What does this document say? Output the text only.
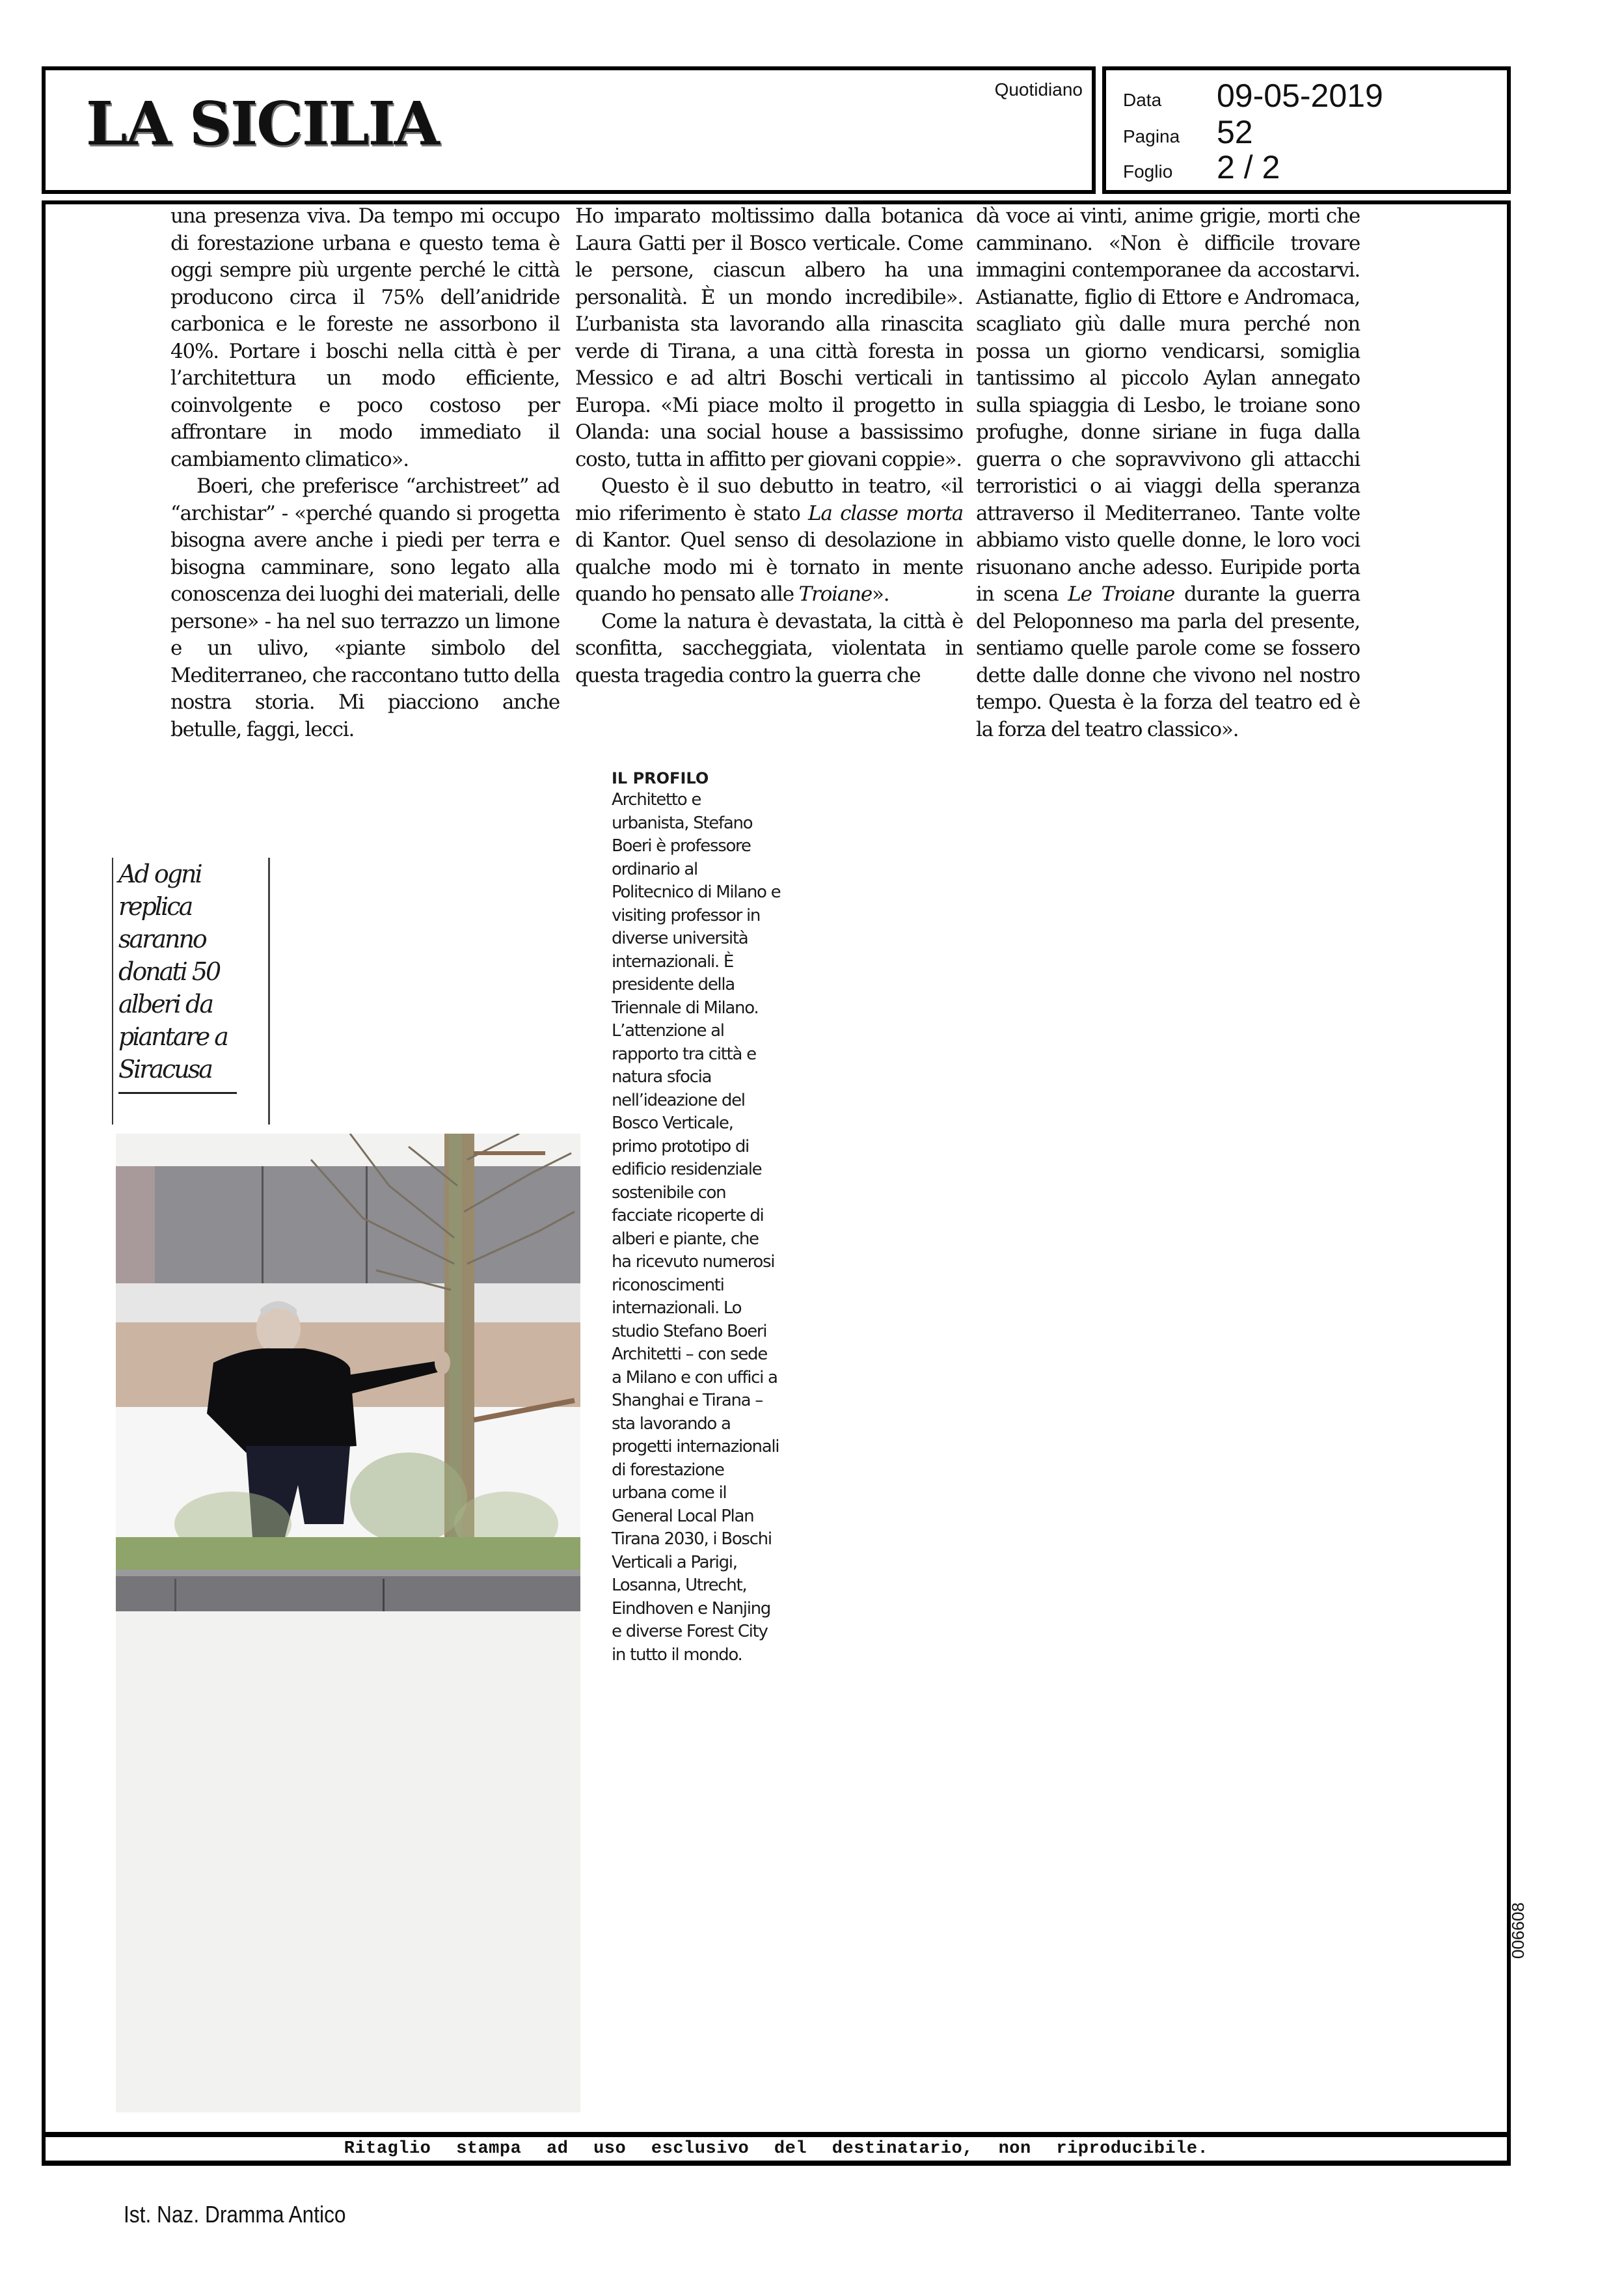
LA SICILIA	Quotidiano
Data 09-05-2019
Pagina 52
Foglio 2 / 2

una presenza viva. Da tempo mi occupo di forestazione urbana e questo tema è oggi sempre più urgente perché le città producono circa il 75% dell’anidride carbonica e le foreste ne assorbono il 40%. Portare i boschi nella città è per l’architettura un modo efficiente, coinvolgente e poco costoso per affrontare in modo immediato il cambiamento climatico».

Boeri, che preferisce “archistreet” ad “archistar” - «perché quando si progetta bisogna avere anche i piedi per terra e bisogna camminare, sono legato alla conoscenza dei luoghi dei materiali, delle persone» - ha nel suo terrazzo un limone e un ulivo, «piante simbolo del Mediterraneo, che raccontano tutto della nostra storia. Mi piacciono anche betulle, faggi, lecci.

Ho imparato moltissimo dalla botanica Laura Gatti per il Bosco verticale. Come le persone, ciascun albero ha una personalità. È un mondo incredibile». L’urbanista sta lavorando alla rinascita verde di Tirana, a una città foresta in Messico e ad altri Boschi verticali in Europa. «Mi piace molto il progetto in Olanda: una social house a bassissimo costo, tutta in affitto per giovani coppie».

Questo è il suo debutto in teatro, «il mio riferimento è stato La classe morta di Kantor. Quel senso di desolazione in qualche modo mi è tornato in mente quando ho pensato alle Troiane».

Come la natura è devastata, la città è sconfitta, saccheggiata, violentata in questa tragedia contro la guerra che

dà voce ai vinti, anime grigie, morti che camminano. «Non è difficile trovare immagini contemporanee da accostarvi. Astianatte, figlio di Ettore e Andromaca, scagliato giù dalle mura perché non possa un giorno vendicarsi, somiglia tantissimo al piccolo Aylan annegato sulla spiaggia di Lesbo, le troiane sono profughe, donne siriane in fuga dalla guerra o che sopravvivono gli attacchi terroristici o ai viaggi della speranza attraverso il Mediterraneo. Tante volte abbiamo visto quelle donne, le loro voci risuonano anche adesso. Euripide porta in scena Le Troiane durante la guerra del Peloponneso ma parla del presente, sentiamo quelle parole come se fossero dette dalle donne che vivono nel nostro tempo. Questa è la forza del teatro ed è la forza del teatro classico».

Ad ogni replica saranno donati 50 alberi da piantare a Siracusa
IL PROFILO
Architetto e urbanista, Stefano Boeri è professore ordinario al Politecnico di Milano e visiting professor in diverse università internazionali. È presidente della Triennale di Milano. L’attenzione al rapporto tra città e natura sfocia nell’ideazione del Bosco Verticale, primo prototipo di edificio residenziale sostenibile con facciate ricoperte di alberi e piante, che ha ricevuto numerosi riconoscimenti internazionali. Lo studio Stefano Boeri Architetti – con sede a Milano e con uffici a Shanghai e Tirana – sta lavorando a progetti internazionali di forestazione urbana come il General Local Plan Tirana 2030, i Boschi Verticali a Parigi, Losanna, Utrecht, Eindhoven e Nanjing e diverse Forest City in tutto il mondo.
Ritaglio stampa ad uso esclusivo del destinatario, non riproducibile.
006608
Ist. Naz. Dramma Antico
